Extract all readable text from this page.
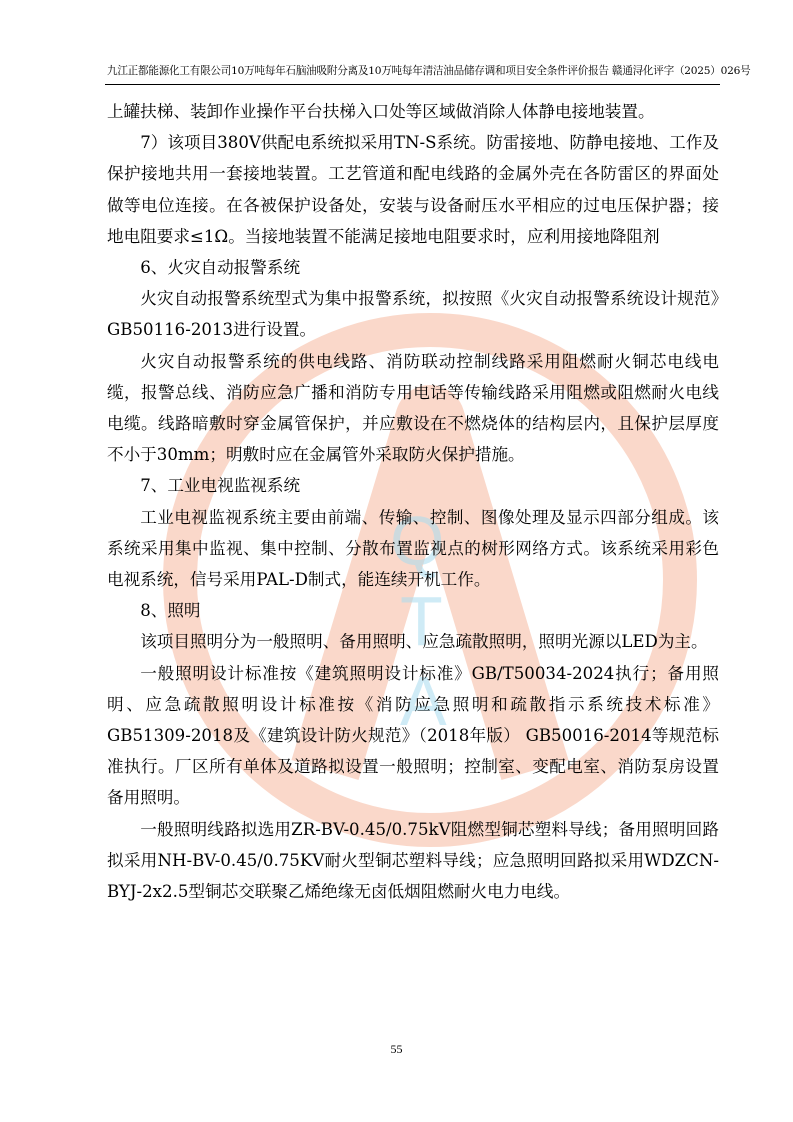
Q
T
A
九江正都能源化工有限公司10万吨每年石脑油吸附分离及10万吨每年清洁油品储存调和项目安全条件评价报告 赣通浔化评字（2025）026号

上罐扶梯、装卸作业操作平台扶梯入口处等区域做消除人体静电接地装置。

7）该项目380V供配电系统拟采用TN-S系统。防雷接地、防静电接地、工作及保护接地共用一套接地装置。工艺管道和配电线路的金属外壳在各防雷区的界面处做等电位连接。在各被保护设备处，安装与设备耐压水平相应的过电压保护器；接地电阻要求≤1Ω。当接地装置不能满足接地电阻要求时，应利用接地降阻剂

6、火灾自动报警系统

火灾自动报警系统型式为集中报警系统，拟按照《火灾自动报警系统设计规范》GB50116-2013进行设置。

火灾自动报警系统的供电线路、消防联动控制线路采用阻燃耐火铜芯电线电缆，报警总线、消防应急广播和消防专用电话等传输线路采用阻燃或阻燃耐火电线电缆。线路暗敷时穿金属管保护，并应敷设在不燃烧体的结构层内，且保护层厚度不小于30mm；明敷时应在金属管外采取防火保护措施。

7、工业电视监视系统

工业电视监视系统主要由前端、传输、控制、图像处理及显示四部分组成。该系统采用集中监视、集中控制、分散布置监视点的树形网络方式。该系统采用彩色电视系统，信号采用PAL-D制式，能连续开机工作。

8、照明

该项目照明分为一般照明、备用照明、应急疏散照明，照明光源以LED为主。

一般照明设计标准按《建筑照明设计标准》GB/T50034-2024执行；备用照明、应急疏散照明设计标准按《消防应急照明和疏散指示系统技术标准》GB51309-2018及《建筑设计防火规范》（2018年版） GB50016-2014等规范标准执行。厂区所有单体及道路拟设置一般照明；控制室、变配电室、消防泵房设置备用照明。

一般照明线路拟选用ZR-BV-0.45/0.75kV阻燃型铜芯塑料导线；备用照明回路拟采用NH-BV-0.45/0.75KV耐火型铜芯塑料导线；应急照明回路拟采用WDZCN-BYJ-2x2.5型铜芯交联聚乙烯绝缘无卤低烟阻燃耐火电力电线。

55
